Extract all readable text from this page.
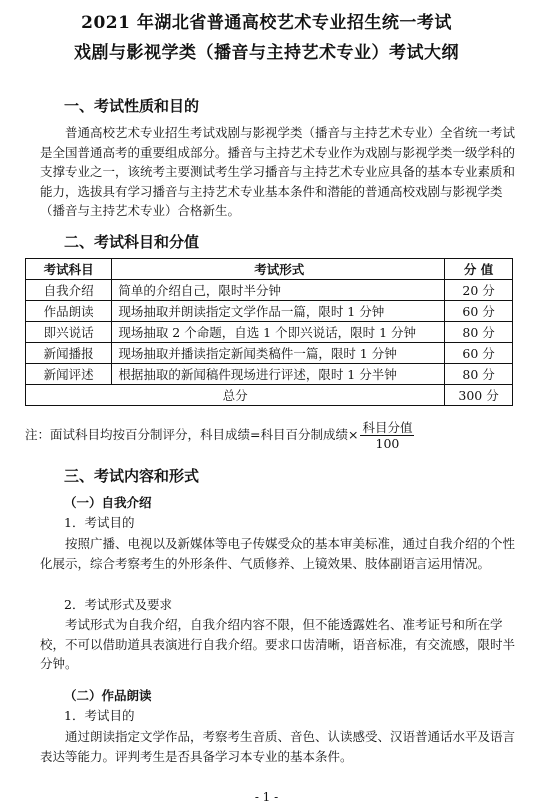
2021 年湖北省普通高校艺术专业招生统一考试
戏剧与影视学类（播音与主持艺术专业）考试大纲
一、考试性质和目的
普通高校艺术专业招生考试戏剧与影视学类（播音与主持艺术专业）全省统一考试是全国普通高考的重要组成部分。播音与主持艺术专业作为戏剧与影视学类一级学科的支撑专业之一，该统考主要测试考生学习播音与主持艺术专业应具备的基本专业素质和能力，选拔具有学习播音与主持艺术专业基本条件和潜能的普通高校戏剧与影视学类（播音与主持艺术专业）合格新生。
二、考试科目和分值
考试科目	考试形式	分 值
自我介绍	简单的介绍自己，限时半分钟	20 分
作品朗读	现场抽取并朗读指定文学作品一篇，限时 1 分钟	60 分
即兴说话	现场抽取 2 个命题，自选 1 个即兴说话，限时 1 分钟	80 分
新闻播报	现场抽取并播读指定新闻类稿件一篇，限时 1 分钟	60 分
新闻评述	根据抽取的新闻稿件现场进行评述，限时 1 分半钟	80 分
总分		300 分
注：面试科目均按百分制评分，科目成绩=科目百分制成绩× $\frac{\text{科目分值}}{100}$
三、考试内容和形式
（一）自我介绍
1．考试目的
按照广播、电视以及新媒体等电子传媒受众的基本审美标准，通过自我介绍的个性化展示，综合考察考生的外形条件、气质修养、上镜效果、肢体副语言运用情况。
2．考试形式及要求
考试形式为自我介绍，自我介绍内容不限，但不能透露姓名、准考证号和所在学校，不可以借助道具表演进行自我介绍。要求口齿清晰，语音标准，有交流感，限时半分钟。
（二）作品朗读
1．考试目的
通过朗读指定文学作品，考察考生音质、音色、认读感受、汉语普通话水平及语言表达等能力。评判考生是否具备学习本专业的基本条件。
- 1 -
